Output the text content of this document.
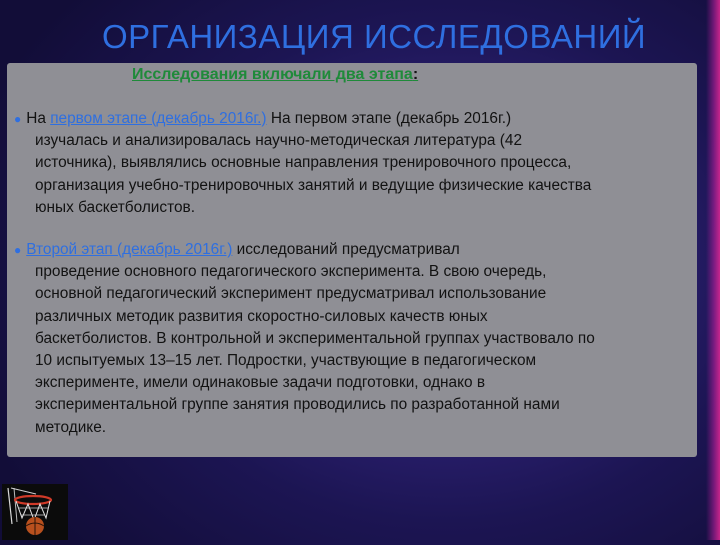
ОРГАНИЗАЦИЯ ИССЛЕДОВАНИЙ
Исследования включали два этапа:
● На первом этапе (декабрь 2016г.) На первом этапе (декабрь 2016г.)
изучалась и анализировалась научно-методическая литература (42
источника), выявлялись основные направления тренировочного процесса,
организация учебно-тренировочных занятий и ведущие физические качества
юных баскетболистов.
● Второй этап (декабрь 2016г.) исследований предусматривал
проведение основного педагогического эксперимента. В свою очередь,
основной педагогический эксперимент предусматривал использование
различных методик развития скоростно-силовых качеств юных
баскетболистов. В контрольной и экспериментальной группах участвовало по
10 испытуемых 13–15 лет. Подростки, участвующие в педагогическом
эксперименте, имели одинаковые задачи подготовки, однако в
экспериментальной группе занятия проводились по разработанной нами
методике.
